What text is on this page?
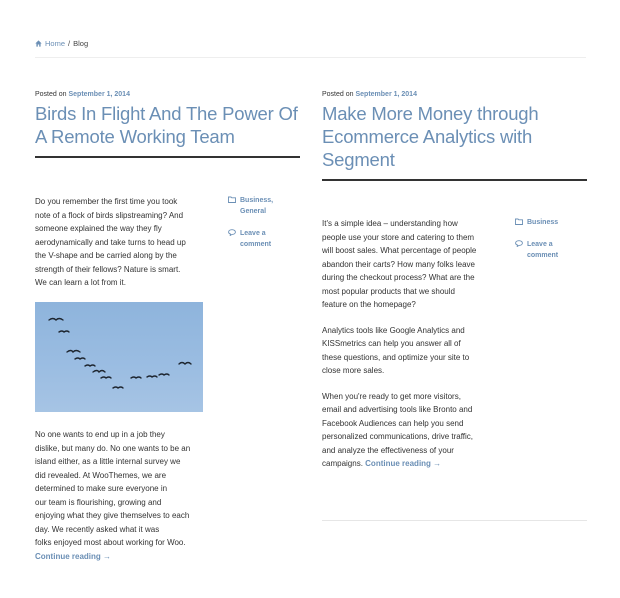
Home / Blog
Posted on September 1, 2014
Birds In Flight And The Power Of
A Remote Working Team

Do you remember the first time you took
note of a flock of birds slipstreaming? And
someone explained the way they fly
aerodynamically and take turns to head up
the V-shape and be carried along by the
strength of their fellows? Nature is smart.
We can learn a lot from it.

No one wants to end up in a job they
dislike, but many do. No one wants to be an
island either, as a little internal survey we
did revealed. At WooThemes, we are
determined to make sure everyone in
our team is flourishing, growing and
enjoying what they give themselves to each
day. We recently asked what it was
folks enjoyed most about working for Woo.
Continue reading →

Business,
General
Leave a
comment
Posted on September 1, 2014
Make More Money through
Ecommerce Analytics with
Segment

It's a simple idea – understanding how
people use your store and catering to them
will boost sales. What percentage of people
abandon their carts? How many folks leave
during the checkout process? What are the
most popular products that we should
feature on the homepage?

Analytics tools like Google Analytics and
KISSmetrics can help you answer all of
these questions, and optimize your site to
close more sales.

When you're ready to get more visitors,
email and advertising tools like Bronto and
Facebook Audiences can help you send
personalized communications, drive traffic,
and analyze the effectiveness of your
campaigns. Continue reading →

Business
Leave a
comment
